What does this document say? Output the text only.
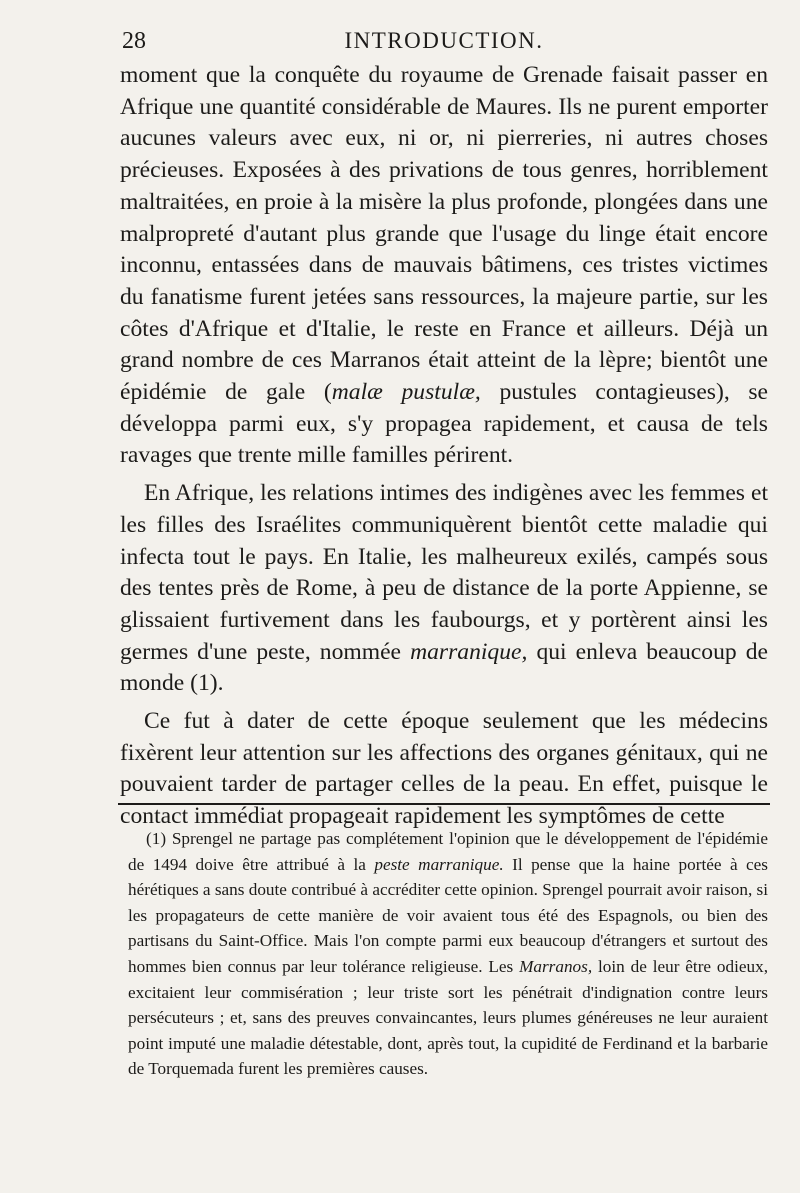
28	INTRODUCTION.

moment que la conquête du royaume de Grenade faisait passer en Afrique une quantité considérable de Maures. Ils ne purent emporter aucunes valeurs avec eux, ni or, ni pierreries, ni autres choses précieuses. Exposées à des privations de tous genres, horriblement maltraitées, en proie à la misère la plus profonde, plongées dans une malpropreté d'autant plus grande que l'usage du linge était encore inconnu, entassées dans de mauvais bâtimens, ces tristes victimes du fanatisme furent jetées sans ressources, la majeure partie, sur les côtes d'Afrique et d'Italie, le reste en France et ailleurs. Déjà un grand nombre de ces Marranos était atteint de la lèpre; bientôt une épidémie de gale (malæ pustulæ, pustules contagieuses), se développa parmi eux, s'y propagea rapidement, et causa de tels ravages que trente mille familles périrent.

En Afrique, les relations intimes des indigènes avec les femmes et les filles des Israélites communiquèrent bientôt cette maladie qui infecta tout le pays. En Italie, les malheureux exilés, campés sous des tentes près de Rome, à peu de distance de la porte Appienne, se glissaient furtivement dans les faubourgs, et y portèrent ainsi les germes d'une peste, nommée marranique, qui enleva beaucoup de monde (1).

Ce fut à dater de cette époque seulement que les médecins fixèrent leur attention sur les affections des organes génitaux, qui ne pouvaient tarder de partager celles de la peau. En effet, puisque le contact immédiat propageait rapidement les symptômes de cette

(1) Sprengel ne partage pas complétement l'opinion que le développement de l'épidémie de 1494 doive être attribué à la peste marranique. Il pense que la haine portée à ces hérétiques a sans doute contribué à accréditer cette opinion. Sprengel pourrait avoir raison, si les propagateurs de cette manière de voir avaient tous été des Espagnols, ou bien des partisans du Saint-Office. Mais l'on compte parmi eux beaucoup d'étrangers et surtout des hommes bien connus par leur tolérance religieuse. Les Marranos, loin de leur être odieux, excitaient leur commisération ; leur triste sort les pénétrait d'indignation contre leurs persécuteurs ; et, sans des preuves convaincantes, leurs plumes généreuses ne leur auraient point imputé une maladie détestable, dont, après tout, la cupidité de Ferdinand et la barbarie de Torquemada furent les premières causes.
